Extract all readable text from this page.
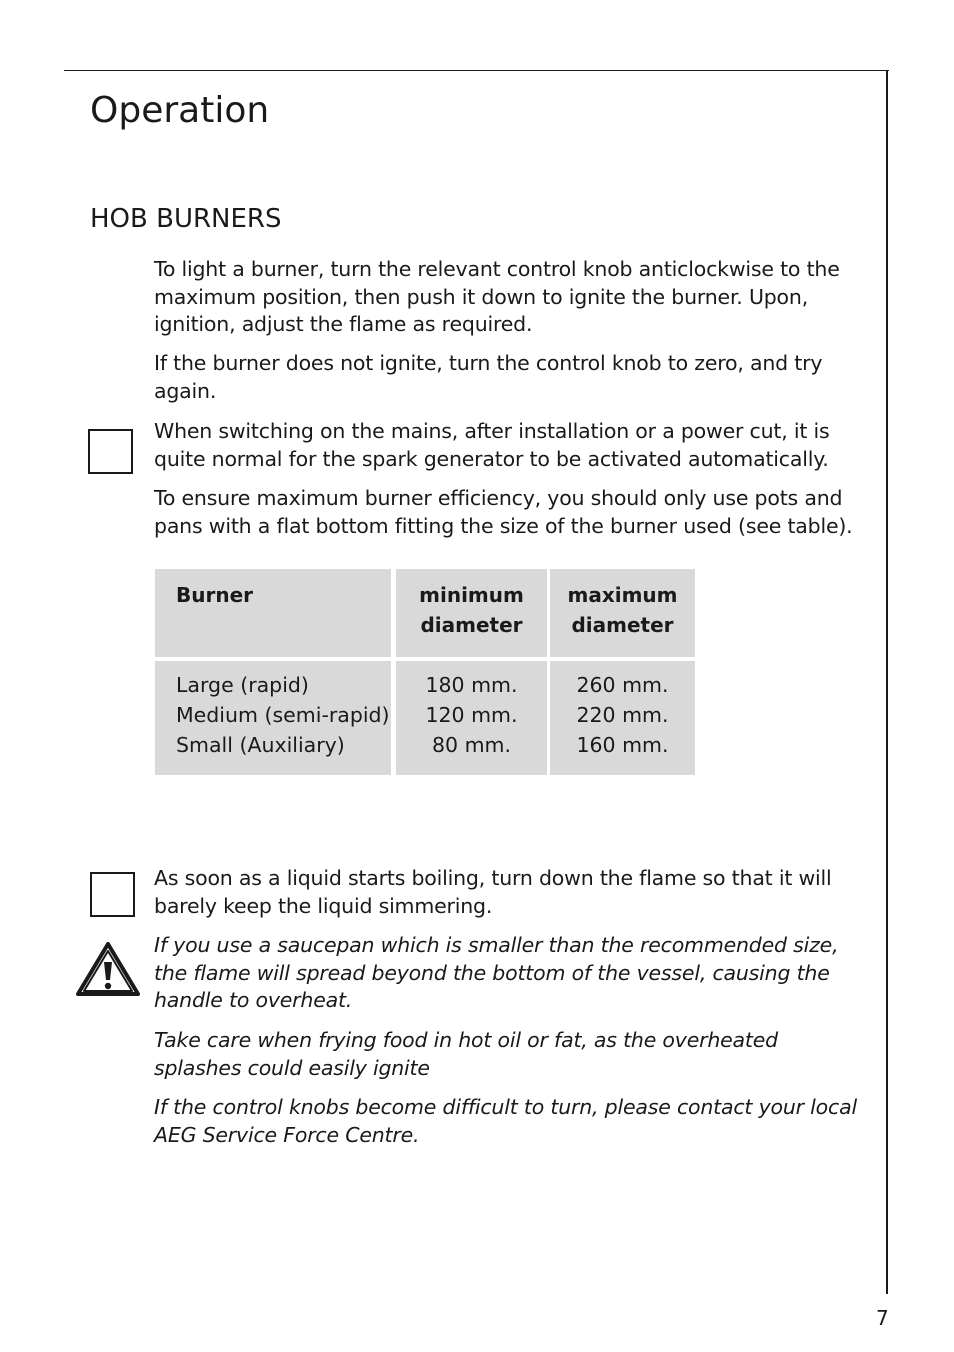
Operation
HOB BURNERS

To light a burner, turn the relevant control knob anticlockwise to the maximum position, then push it down to ignite the burner. Upon, ignition, adjust the flame as required.

If the burner does not ignite, turn the control knob to zero, and try again.

When switching on the mains, after installation or a power cut, it is quite normal for the spark generator to be activated automatically.

To ensure maximum burner efficiency, you should only use pots and pans with a flat bottom fitting the size of the burner used (see table).

Burner	minimum
diameter
maximum
diameter
Large (rapid)
Medium (semi-rapid)
Small (Auxiliary)
180 mm.
120 mm.
80 mm.
260 mm.
220 mm.
160 mm.

As soon as a liquid starts boiling, turn down the flame so that it will barely keep the liquid simmering.

If you use a saucepan which is smaller than the recommended size, the flame will spread beyond the bottom of the vessel, causing the handle to overheat.

Take care when frying food in hot oil or fat, as the overheated splashes could easily ignite

If the control knobs become difficult to turn, please contact your local AEG Service Force Centre.

7
